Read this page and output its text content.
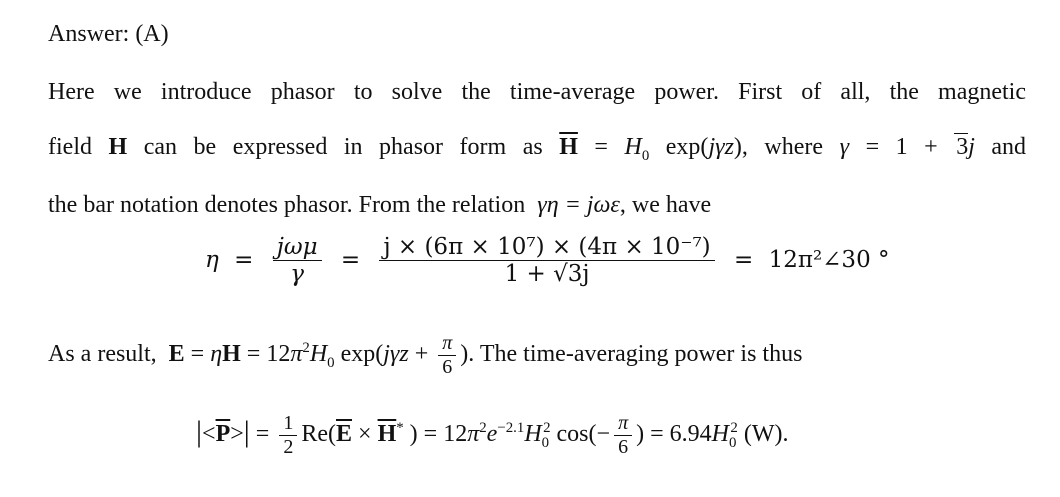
Answer: (A)
Here we introduce phasor to solve the time-average power. First of all, the magnetic
field H can be expressed in phasor form as $\overline{H} = H_0$ exp(jγz), where γ = 1 + 3j and
the bar notation denotes phasor. From the relation  γη = jωε, we have
$\eta = \frac{\text{jωμ}}{\gamma} = \frac{\text{j × (6π × 10⁷) × (4π × 10⁻⁷)}}{1 + √3j}$ = 12π²∠30 °
As a result, $E = \eta H = 12\pi^2H_0$ $\exp(j\gamma z + \frac{\pi}{6}$ ). The time-averaging power is thus
$|<\overline{P}>| = \frac{1}{2} Re(\overline{E} \times \overline{H}^*$ ) = $12\pi^2e^{-2.1}H_0^2$ $\cos(- \frac{\pi}{6}$ ) = $6.94H_0^2$ (W).
